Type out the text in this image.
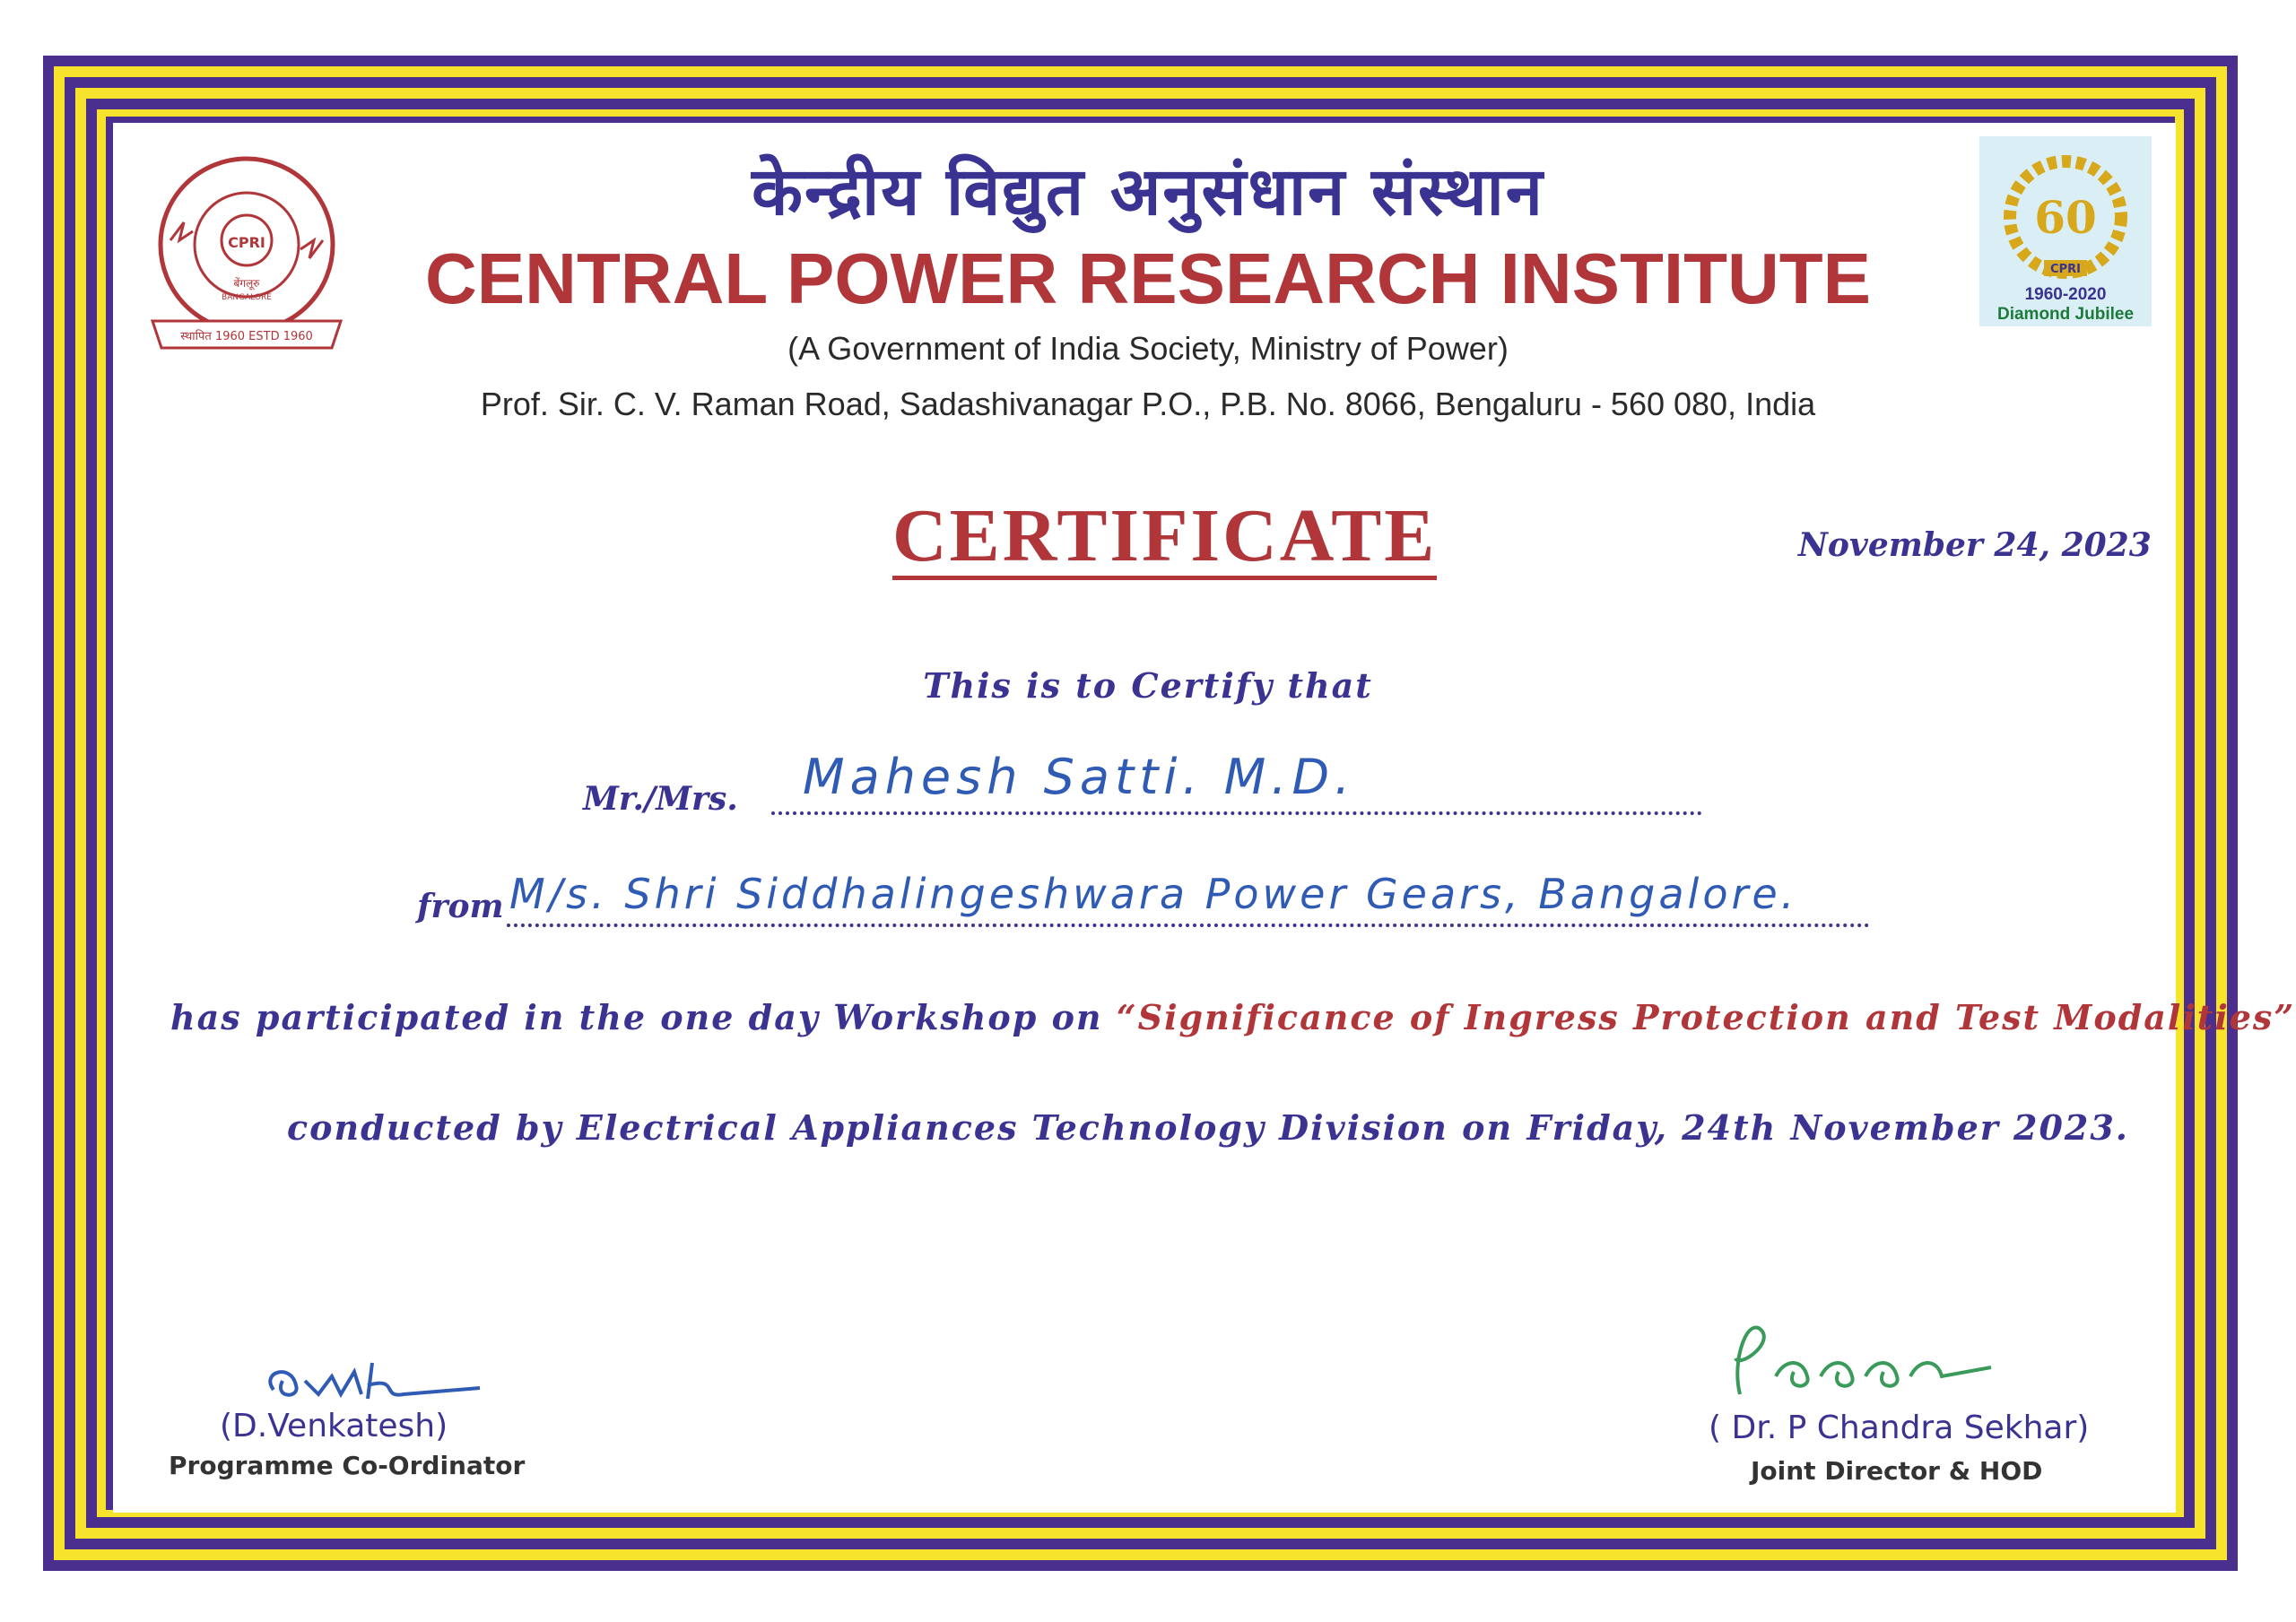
CPRI
बेंगलूरु
BANGALORE
स्थापित 1960 ESTD 1960
60
CPRI
1960-2020
Diamond Jubilee
केन्द्रीय विद्युत अनुसंधान संस्थान
CENTRAL POWER RESEARCH INSTITUTE
(A Government of India Society, Ministry of Power)
Prof. Sir. C. V. Raman Road, Sadashivanagar P.O., P.B. No. 8066, Bengaluru - 560 080, India
CERTIFICATE	November 24, 2023
This is to Certify that
Mr./Mrs. Mahesh Satti. M.D.
from M/s. Shri Siddhalingeshwara Power Gears, Bangalore.
has participated in the one day Workshop on “Significance of Ingress Protection and Test Modalities”
conducted by Electrical Appliances Technology Division on Friday, 24th November 2023.
(D.Venkatesh)
Programme Co-Ordinator
( Dr. P Chandra Sekhar)
Joint Director & HOD
